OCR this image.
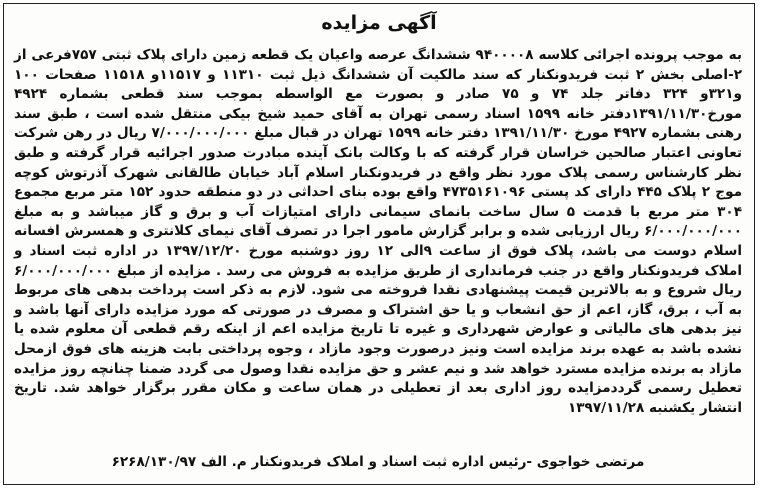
آگهی مزایده

به موجب پرونده اجرائی کلاسه ۹۴۰۰۰۰۸ ششدانگ عرصه واعیان یک قطعه زمین دارای پلاک ثبتی ۷۵۷فرعی از ۲-اصلی بخش ۲ ثبت فریدونکنار که سند مالکیت آن ششدانگ ذیل ثبت ۱۱۳۱۰ و ۱۱۵۱۷و ۱۱۵۱۸ صفحات ۱۰۰ و۳۲۱و ۳۲۴ دفاتر جلد ۷۴ و ۷۵ صادر و بصورت مع الواسطه بموجب سند قطعی بشماره ۴۹۲۴ مورخ۱۳۹۱/۱۱/۳۰دفتر خانه ۱۵۹۹ اسناد رسمی تهران به آقای حمید شیخ بیکی منتقل شده است ، طبق سند رهنی بشماره ۴۹۲۷ مورخ ۱۳۹۱/۱۱/۳۰ دفتر خانه ۱۵۹۹ تهران در قبال مبلغ ۷/۰۰۰/۰۰۰/۰۰۰ ریال در رهن شرکت تعاونی اعتبار صالحین خراسان قرار گرفته که با وکالت بانک آینده مبادرت صدور اجرائیه قرار گرفته و طبق نظر کارشناس رسمی پلاک مورد نظر واقع در فریدونکنار اسلام آباد خیابان طالقانی شهرک آذرتوش کوچه موج ۲ پلاک ۴۴۵ دارای کد پستی ۴۷۳۵۱۶۱۰۹۶ واقع بوده بنای احداثی در دو منطقه حدود ۱۵۲ متر مربع مجموع ۳۰۴ متر مربع با قدمت ۵ سال ساخت بانمای سیمانی دارای امتیازات آب و برق و گاز میباشد و به مبلغ ۶/۰۰۰/۰۰۰/۰۰۰ ریال ارزیابی شده و برابر گزارش مامور اجرا در تصرف آقای نیمای کلانتری و همسرش افسانه اسلام دوست می باشد، پلاک فوق از ساعت ۹الی ۱۲ روز دوشنبه مورخ ۱۳۹۷/۱۲/۲۰ در اداره ثبت اسناد و املاک فریدونکنار واقع در جنب فرمانداری از طریق مزایده به فروش می رسد . مزایده از مبلغ ۶/۰۰۰/۰۰۰/۰۰۰ ریال شروع و به بالاترین قیمت پیشنهادی نقدا فروخته می شود. لازم به ذکر است پرداخت بدهی های مربوط به آب ، برق، گاز، اعم از حق انشعاب و یا حق اشتراک و مصرف در صورتی که مورد مزایده دارای آنها باشد و نیز بدهی های مالیاتی و عوارض شهرداری و غیره تا تاریخ مزایده اعم از اینکه رقم قطعی آن معلوم شده یا نشده باشد به عهده برند مزایده است ونیز درصورت وجود مازاد ، وجوه پرداختی بابت هزینه های فوق ازمحل مازاد به برنده مزایده مسترد خواهد شد و نیم عشر و حق مزایده نقدا وصول می گردد ضمنا چنانچه روز مزایده تعطیل رسمی گرددمزایده روز اداری بعد از تعطیلی در همان ساعت و مکان مقرر برگزار خواهد شد. تاریخ انتشار یکشنبه ۱۳۹۷/۱۱/۲۸

مرتضی خواجوی -رئیس اداره ثبت اسناد و املاک فریدونکنار م. الف ۶۲۶۸/۱۳۰/۹۷
